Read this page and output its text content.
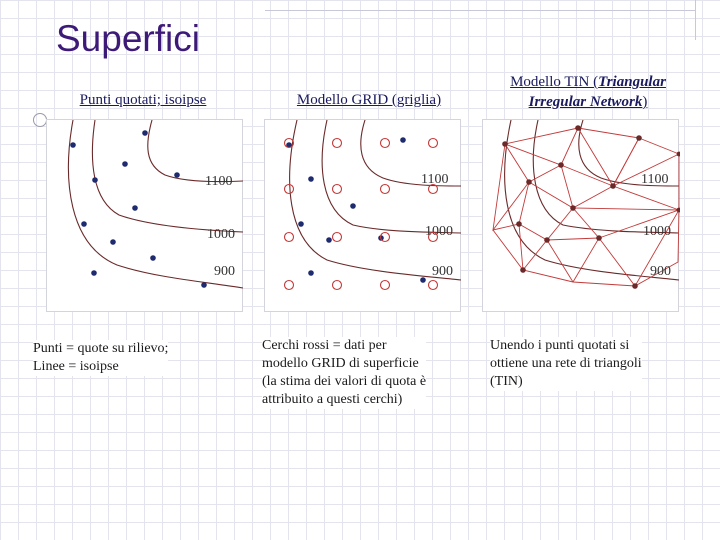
Superfici
Punti quotati; isoipse
1100
1000
900
Punti = quote su rilievo;
Linee = isoipse
Modello GRID (griglia)
1100
1000
900
Cerchi rossi = dati per
modello GRID di superficie
(la stima dei valori di quota è
attribuito a questi cerchi)
Modello TIN (Triangular Irregular Network)
1100
1000
900
Unendo i punti quotati si
ottiene una rete di triangoli
(TIN)
